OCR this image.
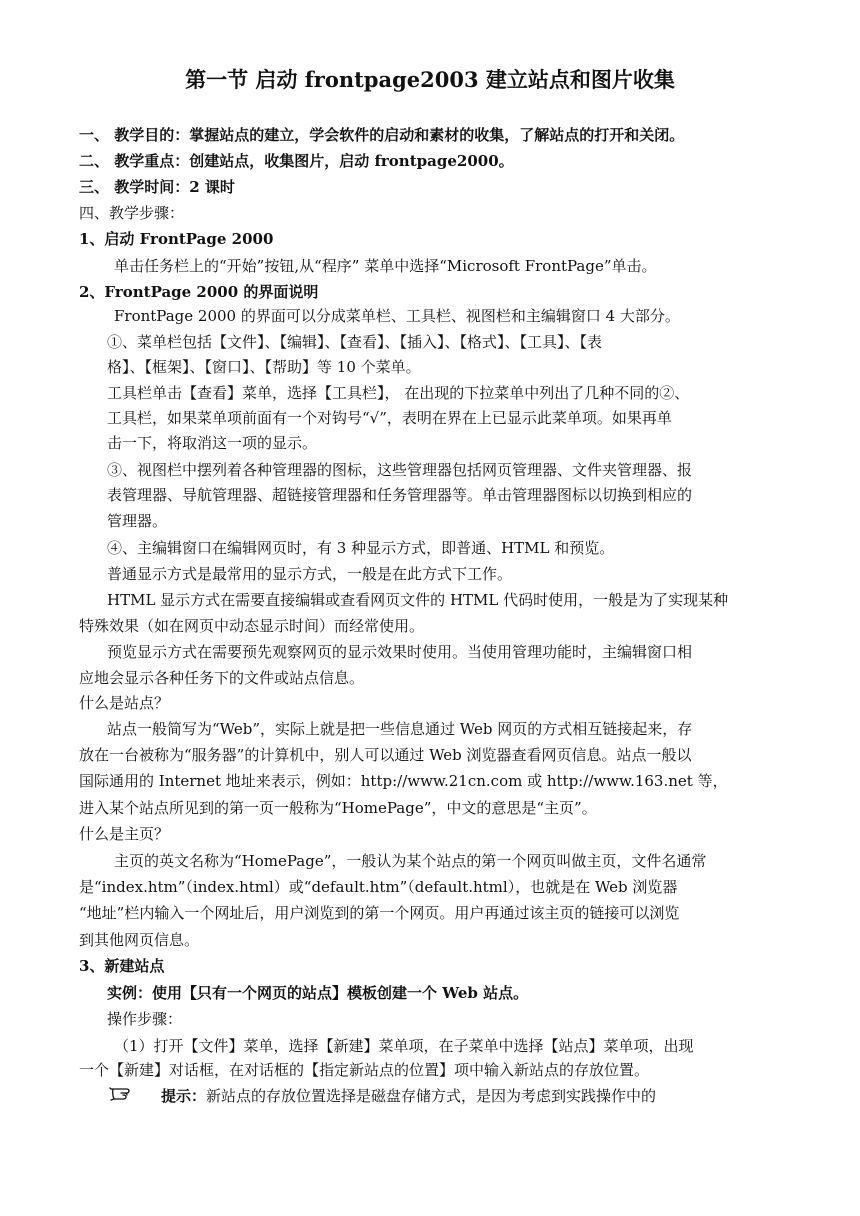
第一节 启动 frontpage2003 建立站点和图片收集
一、 教学目的：掌握站点的建立，学会软件的启动和素材的收集，了解站点的打开和关闭。
二、 教学重点：创建站点，收集图片，启动 frontpage2000。
三、 教学时间：2 课时
四、教学步骤：
1、启动 FrontPage 2000
单击任务栏上的“开始”按钮,从“程序” 菜单中选择“Microsoft FrontPage”单击。
2、FrontPage 2000 的界面说明
FrontPage 2000 的界面可以分成菜单栏、工具栏、视图栏和主编辑窗口 4 大部分。
①、菜单栏包括【文件】、【编辑】、【查看】、【插入】、【格式】、【工具】、【表
格】、【框架】、【窗口】、【帮助】等 10 个菜单。
工具栏单击【查看】菜单，选择【工具栏】， 在出现的下拉菜单中列出了几种不同的②、
工具栏，如果菜单项前面有一个对钩号“√”，表明在界在上已显示此菜单项。如果再单
击一下，将取消这一项的显示。
③、视图栏中摆列着各种管理器的图标，这些管理器包括网页管理器、文件夹管理器、报
表管理器、导航管理器、超链接管理器和任务管理器等。单击管理器图标以切换到相应的
管理器。
④、主编辑窗口在编辑网页时，有 3 种显示方式，即普通、HTML 和预览。
普通显示方式是最常用的显示方式，一般是在此方式下工作。
HTML 显示方式在需要直接编辑或查看网页文件的 HTML 代码时使用，一般是为了实现某种
特殊效果（如在网页中动态显示时间）而经常使用。
预览显示方式在需要预先观察网页的显示效果时使用。当使用管理功能时，主编辑窗口相
应地会显示各种任务下的文件或站点信息。
什么是站点？
站点一般简写为“Web”，实际上就是把一些信息通过 Web 网页的方式相互链接起来，存
放在一台被称为“服务器”的计算机中，别人可以通过 Web 浏览器查看网页信息。站点一般以
国际通用的 Internet 地址来表示，例如：http://www.21cn.com 或 http://www.163.net 等，
进入某个站点所见到的第一页一般称为“HomePage”，中文的意思是“主页”。
什么是主页？
主页的英文名称为“HomePage”，一般认为某个站点的第一个网页叫做主页，文件名通常
是“index.htm”（index.html）或“default.htm”（default.html），也就是在 Web 浏览器
“地址”栏内输入一个网址后，用户浏览到的第一个网页。用户再通过该主页的链接可以浏览
到其他网页信息。
3、新建站点
实例：使用【只有一个网页的站点】模板创建一个 Web 站点。
操作步骤：
（1）打开【文件】菜单，选择【新建】菜单项，在子菜单中选择【站点】菜单项，出现
一个【新建】对话框，在对话框的【指定新站点的位置】项中输入新站点的存放位置。
提示：新站点的存放位置选择是磁盘存储方式，是因为考虑到实践操作中的
